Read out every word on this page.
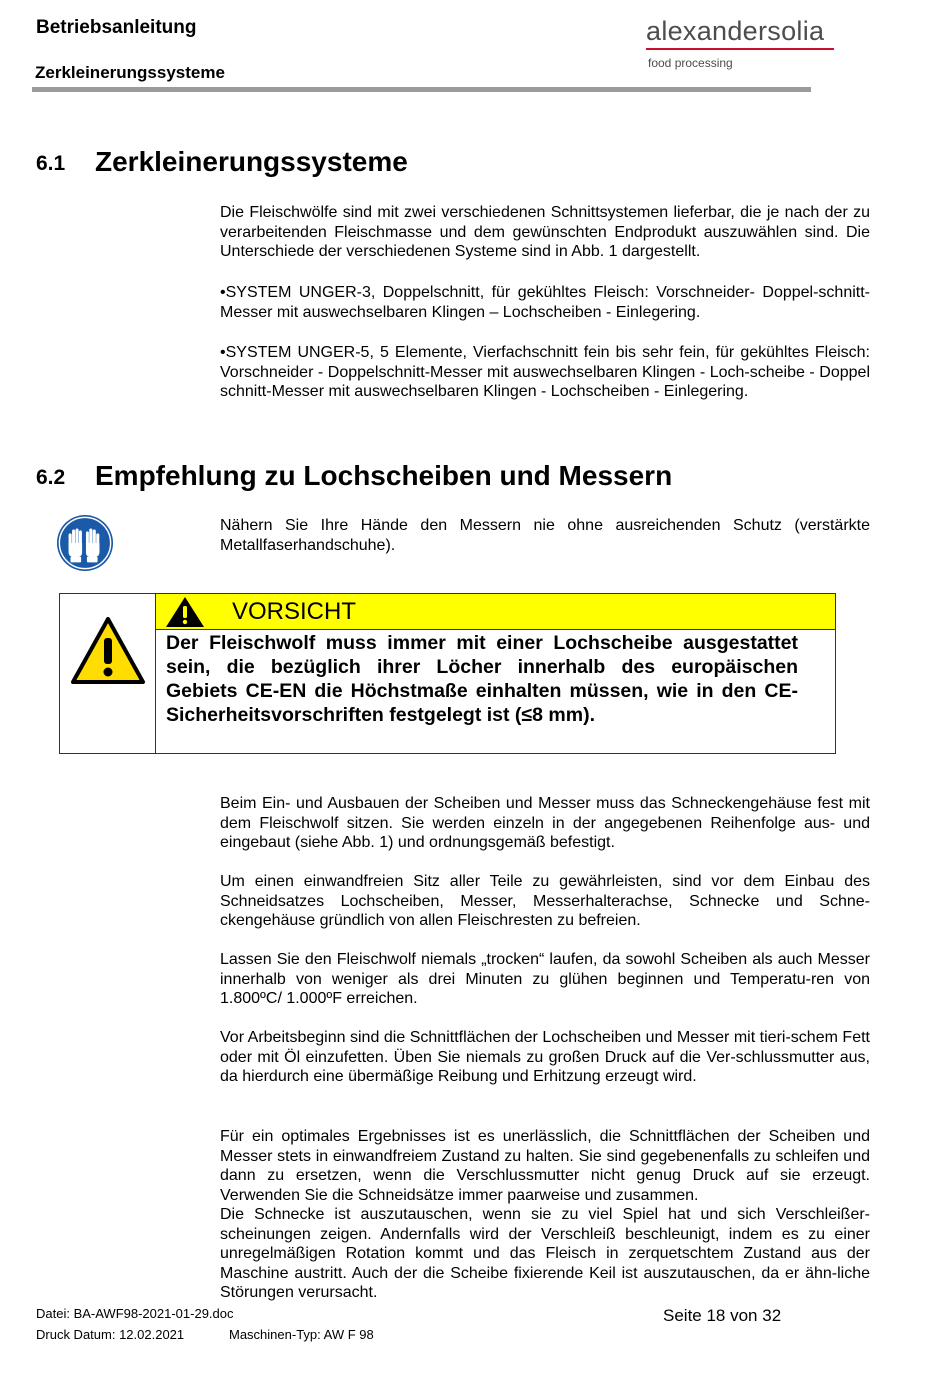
Betriebsanleitung
Zerkleinerungssysteme
alexandersolia
food processing
6.1 Zerkleinerungssysteme

Die Fleischwölfe sind mit zwei verschiedenen Schnittsystemen lieferbar, die je nach der zu verarbeitenden Fleischmasse und dem gewünschten Endprodukt auszuwählen sind. Die Unterschiede der verschiedenen Systeme sind in Abb. 1 dargestellt.

•SYSTEM UNGER-3, Doppelschnitt, für gekühltes Fleisch: Vorschneider- Doppel-schnitt-Messer mit auswechselbaren Klingen – Lochscheiben - Einlegering.

•SYSTEM UNGER-5, 5 Elemente, Vierfachschnitt fein bis sehr fein, für gekühltes Fleisch: Vorschneider - Doppelschnitt-Messer mit auswechselbaren Klingen - Loch-scheibe - Doppel schnitt-Messer mit auswechselbaren Klingen - Lochscheiben - Einlegering.

6.2 Empfehlung zu Lochscheiben und Messern

Nähern Sie Ihre Hände den Messern nie ohne ausreichenden Schutz (verstärkte Metallfaserhandschuhe).

VORSICHT
Der Fleischwolf muss immer mit einer Lochscheibe ausgestattet sein, die bezüglich ihrer Löcher innerhalb des europäischen Gebiets CE-EN die Höchstmaße einhalten müssen, wie in den CE-Sicherheitsvorschriften festgelegt ist (≤8 mm).

Beim Ein- und Ausbauen der Scheiben und Messer muss das Schneckengehäuse fest mit dem Fleischwolf sitzen. Sie werden einzeln in der angegebenen Reihenfolge aus- und eingebaut (siehe Abb. 1) und ordnungsgemäß befestigt.

Um einen einwandfreien Sitz aller Teile zu gewährleisten, sind vor dem Einbau des Schneidsatzes Lochscheiben, Messer, Messerhalterachse, Schnecke und Schne-ckengehäuse gründlich von allen Fleischresten zu befreien.

Lassen Sie den Fleischwolf niemals „trocken“ laufen, da sowohl Scheiben als auch Messer innerhalb von weniger als drei Minuten zu glühen beginnen und Temperatu-ren von 1.800ºC/ 1.000ºF erreichen.

Vor Arbeitsbeginn sind die Schnittflächen der Lochscheiben und Messer mit tieri-schem Fett oder mit Öl einzufetten. Üben Sie niemals zu großen Druck auf die Ver-schlussmutter aus, da hierdurch eine übermäßige Reibung und Erhitzung erzeugt wird.

Für ein optimales Ergebnisses ist es unerlässlich, die Schnittflächen der Scheiben und Messer stets in einwandfreiem Zustand zu halten. Sie sind gegebenenfalls zu schleifen und dann zu ersetzen, wenn die Verschlussmutter nicht genug Druck auf sie erzeugt. Verwenden Sie die Schneidsätze immer paarweise und zusammen.

Die Schnecke ist auszutauschen, wenn sie zu viel Spiel hat und sich Verschleißer-scheinungen zeigen. Andernfalls wird der Verschleiß beschleunigt, indem es zu einer unregelmäßigen Rotation kommt und das Fleisch in zerquetschtem Zustand aus der Maschine austritt. Auch der die Scheibe fixierende Keil ist auszutauschen, da er ähn-liche Störungen verursacht.

Datei: BA-AWF98-2021-01-29.doc
Druck Datum: 12.02.2021	Maschinen-Typ: AW F 98
Seite 18 von 32
